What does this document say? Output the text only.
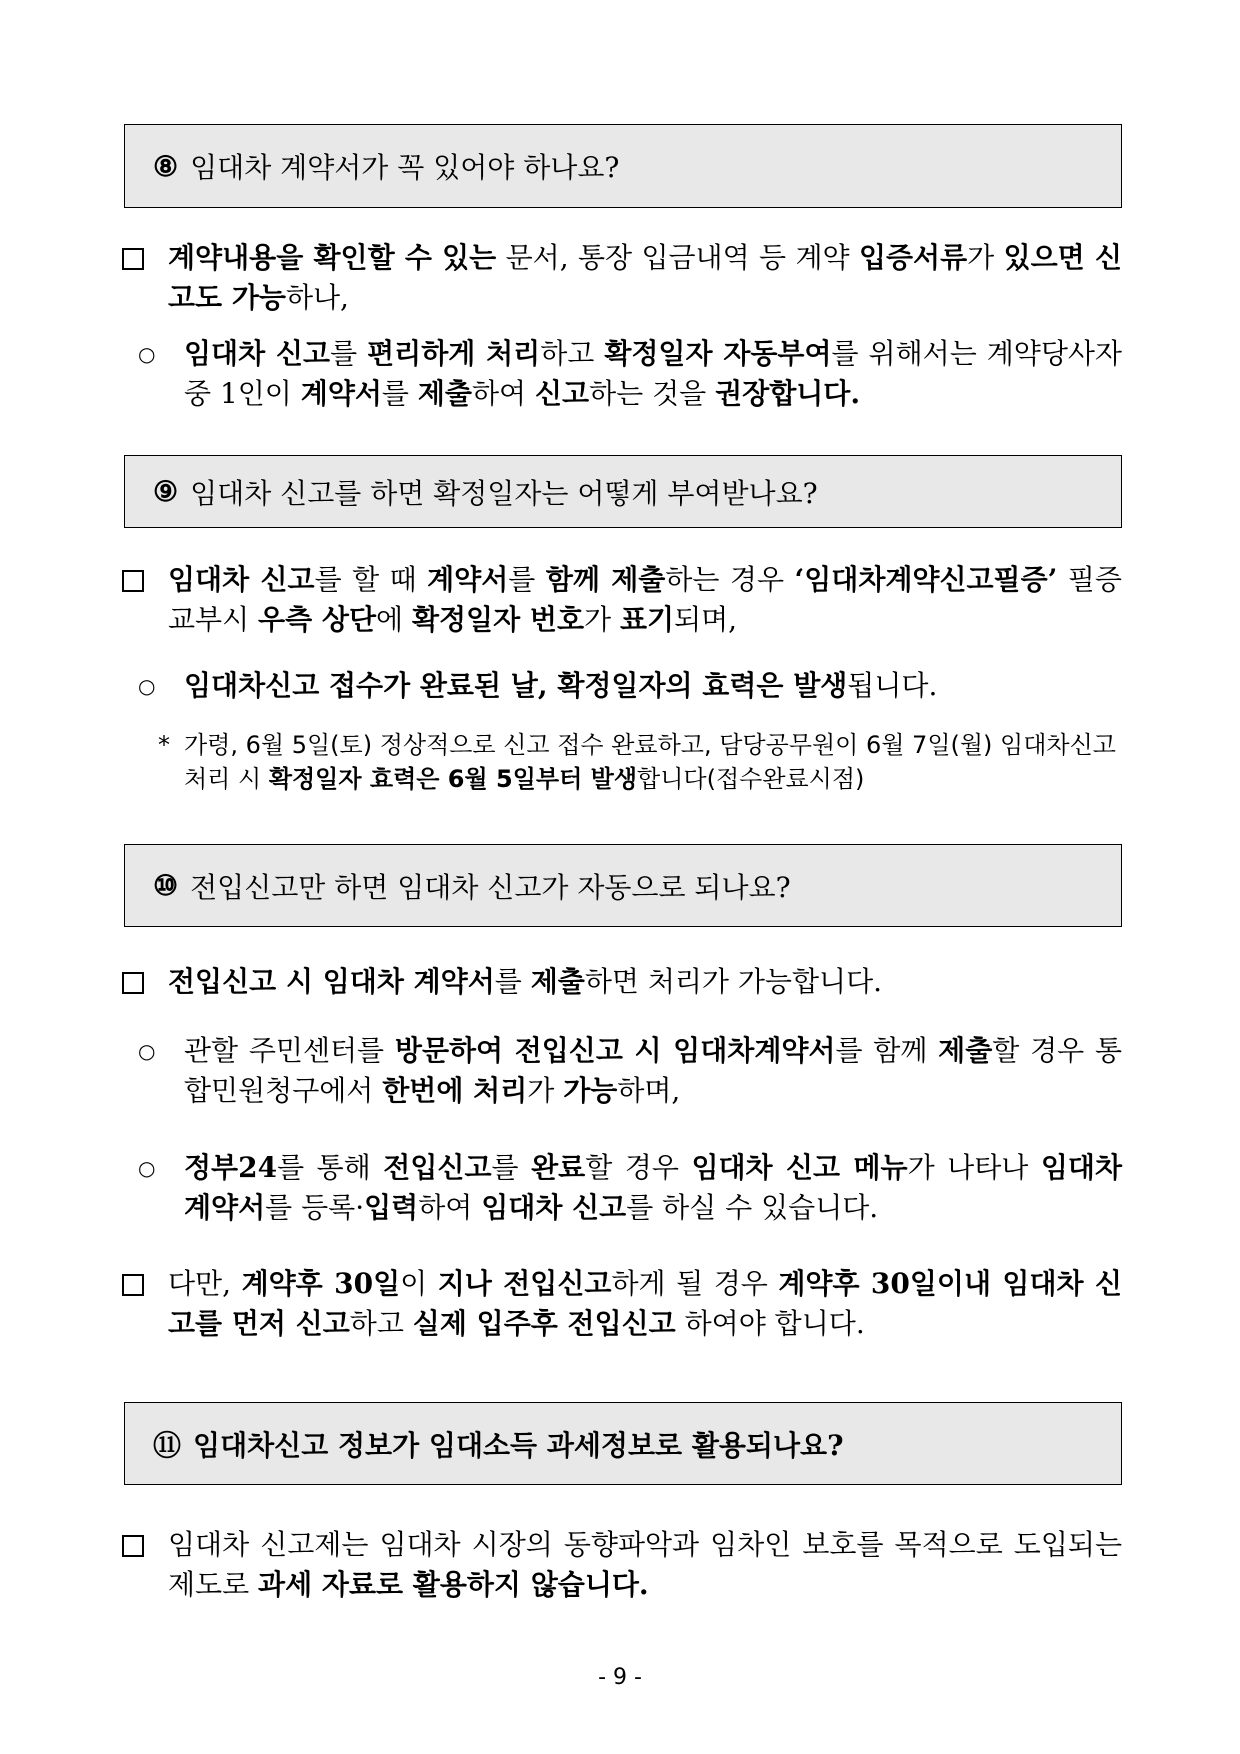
⑧ 임대차 계약서가 꼭 있어야 하나요?
계약내용을 확인할 수 있는 문서, 통장 입금내역 등 계약 입증서류가 있으면 신고도 가능하나,
○ 임대차 신고를 편리하게 처리하고 확정일자 자동부여를 위해서는 계약당사자 중 1인이 계약서를 제출하여 신고하는 것을 권장합니다.
⑨ 임대차 신고를 하면 확정일자는 어떻게 부여받나요?
임대차 신고를 할 때 계약서를 함께 제출하는 경우 ‘임대차계약신고필증’ 필증 교부시 우측 상단에 확정일자 번호가 표기되며,
○ 임대차신고 접수가 완료된 날, 확정일자의 효력은 발생됩니다.
* 가령, 6월 5일(토) 정상적으로 신고 접수 완료하고, 담당공무원이 6월 7일(월) 임대차신고 처리 시 확정일자 효력은 6월 5일부터 발생합니다(접수완료시점)
⑩ 전입신고만 하면 임대차 신고가 자동으로 되나요?
전입신고 시 임대차 계약서를 제출하면 처리가 가능합니다.
○ 관할 주민센터를 방문하여 전입신고 시 임대차계약서를 함께 제출할 경우 통합민원청구에서 한번에 처리가 가능하며,
○ 정부24를 통해 전입신고를 완료할 경우 임대차 신고 메뉴가 나타나 임대차 계약서를 등록·입력하여 임대차 신고를 하실 수 있습니다.
다만, 계약후 30일이 지나 전입신고하게 될 경우 계약후 30일이내 임대차 신고를 먼저 신고하고 실제 입주후 전입신고 하여야 합니다.
⑪ 임대차신고 정보가 임대소득 과세정보로 활용되나요?
임대차 신고제는 임대차 시장의 동향파악과 임차인 보호를 목적으로 도입되는 제도로 과세 자료로 활용하지 않습니다.
- 9 -
